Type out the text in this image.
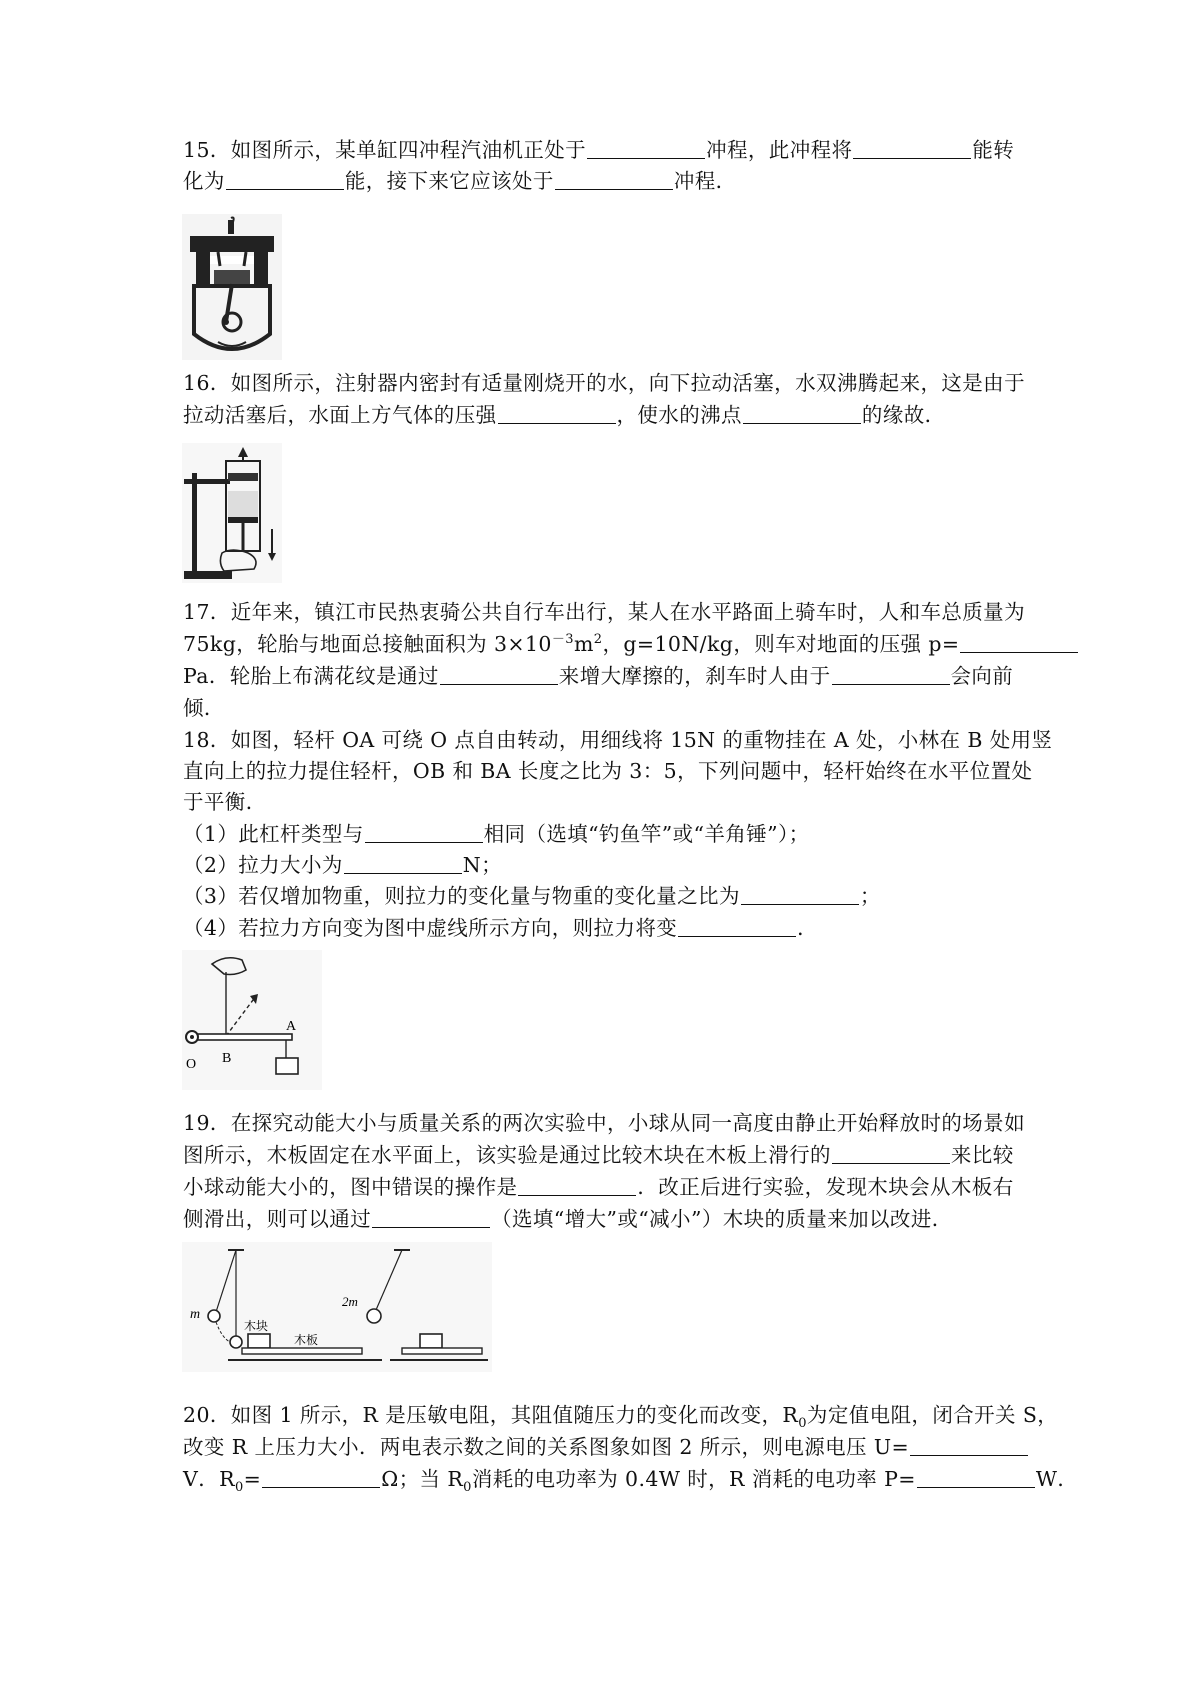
15．如图所示，某单缸四冲程汽油机正处于	冲程，此冲程将	能转
化为	能，接下来它应该处于	冲程．
16．如图所示，注射器内密封有适量刚烧开的水，向下拉动活塞，水双沸腾起来，这是由于
拉动活塞后，水面上方气体的压强	，使水的沸点	的缘故．
17．近年来，镇江市民热衷骑公共自行车出行，某人在水平路面上骑车时，人和车总质量为
75kg，轮胎与地面总接触面积为 $3\times 10^{-3}m^2$，g=10N/kg，则车对地面的压强 p=
Pa．轮胎上布满花纹是通过	来增大摩擦的，刹车时人由于	会向前
倾．
18．如图，轻杆 OA 可绕 O 点自由转动，用细线将 15N 的重物挂在 A 处，小林在 B 处用竖
直向上的拉力提住轻杆，OB 和 BA 长度之比为 3：5，下列问题中，轻杆始终在水平位置处
于平衡．
（1）此杠杆类型与	相同（选填“钓鱼竿”或“羊角锤”）；
（2）拉力大小为	N；
（3）若仅增加物重，则拉力的变化量与物重的变化量之比为	；
（4）若拉力方向变为图中虚线所示方向，则拉力将变	．
O B
A
19．在探究动能大小与质量关系的两次实验中，小球从同一高度由静止开始释放时的场景如
图所示，木板固定在水平面上，该实验是通过比较木块在木板上滑行的	来比较
小球动能大小的，图中错误的操作是	．改正后进行实验，发现木块会从木板右
侧滑出，则可以通过	（选填“增大”或“减小”）木块的质量来加以改进．
m
木块
木板
2m
20．如图 1 所示，R 是压敏电阻，其阻值随压力的变化而改变，$R_0$为定值电阻，闭合开关 S，
改变 R 上压力大小．两电表示数之间的关系图象如图 2 所示，则电源电压 U=
V．$R_0=$	Ω；当 $R_0$消耗的电功率为 0.4W 时，R 消耗的电功率 P=	W．
